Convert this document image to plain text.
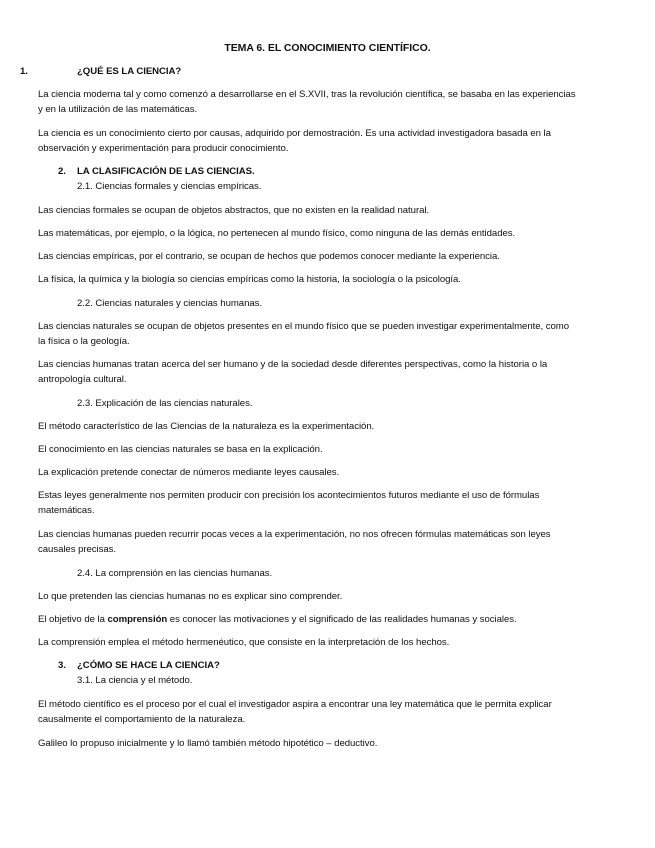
TEMA 6. EL CONOCIMIENTO CIENTÍFICO.
1.	¿QUÉ ES LA CIENCIA?
La ciencia moderna tal y como comenzó a desarrollarse en el S.XVII, tras la revolución científica, se basaba en las experiencias
y en la utilización de las matemáticas.
La ciencia es un conocimiento cierto por causas, adquirido por demostración. Es una actividad investigadora basada en la
observación y experimentación para producir conocimiento.
2. LA CLASIFICACIÓN DE LAS CIENCIAS.
2.1. Ciencias formales y ciencias empíricas.
Las ciencias formales se ocupan de objetos abstractos, que no existen en la realidad natural.
Las matemáticas, por ejemplo, o la lógica, no pertenecen al mundo físico, como ninguna de las demás entidades.
Las ciencias empíricas, por el contrario, se ocupan de hechos que podemos conocer mediante la experiencia.
La física, la química y la biología so ciencias empíricas como la historia, la sociología o la psicología.
2.2. Ciencias naturales y ciencias humanas.
Las ciencias naturales se ocupan de objetos presentes en el mundo físico que se pueden investigar experimentalmente, como
la física o la geología.
Las ciencias humanas tratan acerca del ser humano y de la sociedad desde diferentes perspectivas, como la historia o la
antropología cultural.
2.3. Explicación de las ciencias naturales.
El método característico de las Ciencias de la naturaleza es la experimentación.
El conocimiento en las ciencias naturales se basa en la explicación.
La explicación pretende conectar de números mediante leyes causales.
Estas leyes generalmente nos permiten producir con precisión los acontecimientos futuros mediante el uso de fórmulas
matemáticas.
Las ciencias humanas pueden recurrir pocas veces a la experimentación, no nos ofrecen fórmulas matemáticas son leyes
causales precisas.
2.4. La comprensión en las ciencias humanas.
Lo que pretenden las ciencias humanas no es explicar sino comprender.
El objetivo de la comprensión es conocer las motivaciones y el significado de las realidades humanas y sociales.
La comprensión emplea el método hermenéutico, que consiste en la interpretación de los hechos.
3. ¿CÓMO SE HACE LA CIENCIA?
3.1. La ciencia y el método.
El método científico es el proceso por el cual el investigador aspira a encontrar una ley matemática que le permita explicar
causalmente el comportamiento de la naturaleza.
Galileo lo propuso inicialmente y lo llamó también método hipotético – deductivo.
